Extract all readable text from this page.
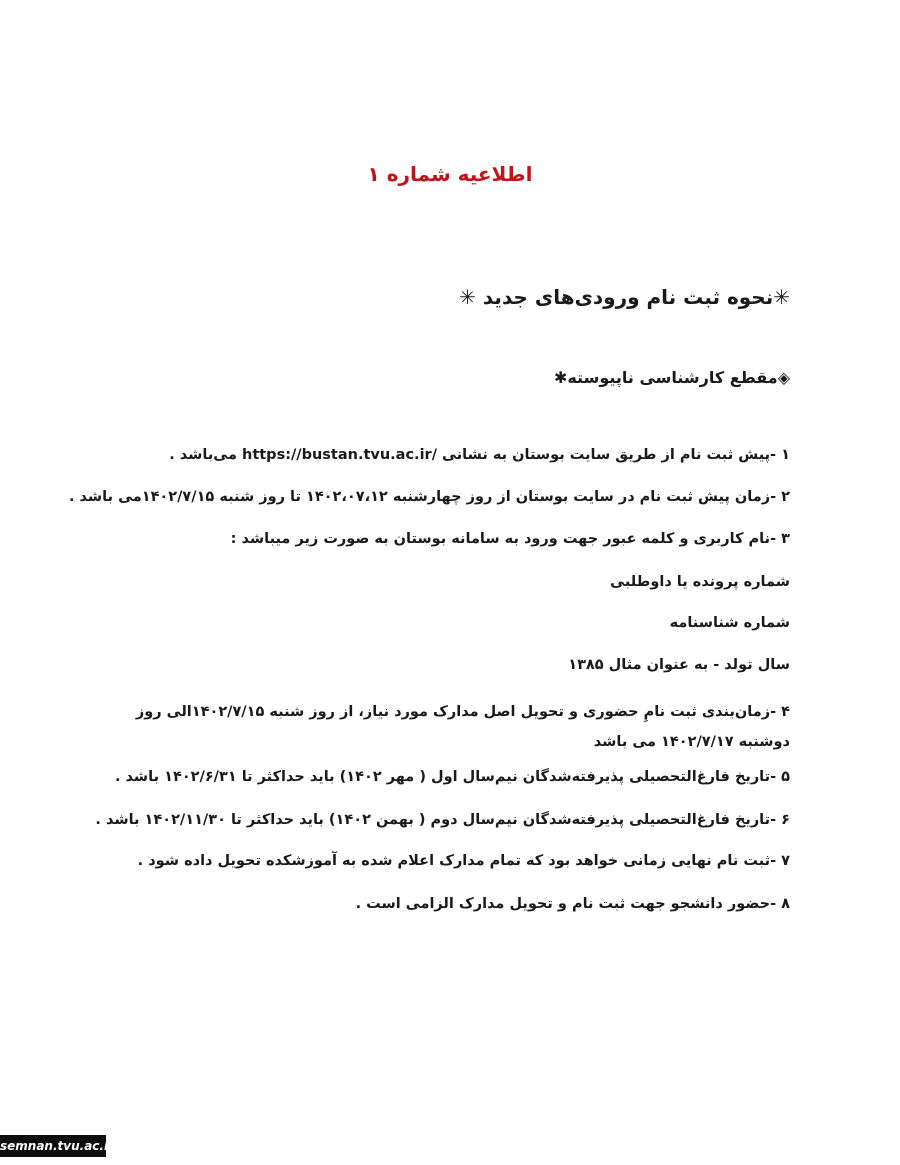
اطلاعیه شماره ۱
✳نحوه ثبت نام ورودی‌های جدید ✳
◈مقطع کارشناسی ناپیوسته✱
۱ -پیش ثبت نام از طریق سایت بوستان به نشانی https://bustan.tvu.ac.ir/ می‌باشد .
۲ -زمان پیش ثبت نام در سایت بوستان از روز چهارشنبه ۱۴۰۲،۰۷،۱۲ تا روز شنبه ۱۴۰۲/۷/۱۵می باشد .
۳ -نام کاربری و کلمه عبور جهت ورود به سامانه بوستان به صورت زیر میباشد :
شماره پرونده یا داوطلبی
شماره شناسنامه
سال تولد - به عنوان مثال ۱۳۸۵
۴ -زمان‌بندی ثبت نامِ حضوری و تحویل اصل مدارک مورد نیاز، از روز شنبه ۱۴۰۲/۷/۱۵الی روز دوشنبه ۱۴۰۲/۷/۱۷ می باشد
۵ -تاریخ فارغ‌التحصیلی پذیرفته‌شدگان نیم‌سال اول ( مهر ۱۴۰۲) باید حداکثر تا ۱۴۰۲/۶/۳۱ باشد .
۶ -تاریخ فارغ‌التحصیلی پذیرفته‌شدگان نیم‌سال دوم ( بهمن ۱۴۰۲) باید حداکثر تا ۱۴۰۲/۱۱/۳۰ باشد .
۷ -ثبت نام نهایی زمانی خواهد بود که تمام مدارک اعلام شده به آموزشکده تحویل داده شود .
۸ -حضور دانشجو جهت ثبت نام و تحویل مدارک الزامی است .
semnan.tvu.ac.ir
